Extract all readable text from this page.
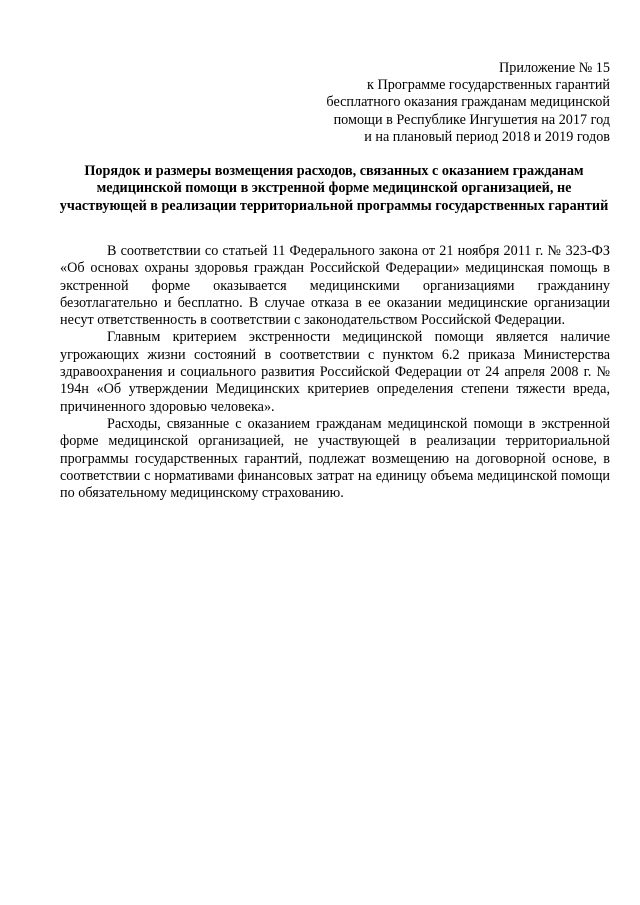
Приложение № 15
к Программе государственных гарантий
бесплатного оказания гражданам медицинской
помощи в Республике Ингушетия на 2017 год
и на плановый период 2018 и 2019 годов
Порядок и размеры возмещения расходов, связанных с оказанием гражданам медицинской помощи в экстренной форме медицинской организацией, не участвующей в реализации территориальной программы государственных гарантий

В соответствии со статьей 11 Федерального закона от 21 ноября 2011 г. № 323-ФЗ «Об основах охраны здоровья граждан Российской Федерации» медицинская помощь в экстренной форме оказывается медицинскими организациями гражданину безотлагательно и бесплатно. В случае отказа в ее оказании медицинские организации несут ответственность в соответствии с законодательством Российской Федерации.

Главным критерием экстренности медицинской помощи является наличие угрожающих жизни состояний в соответствии с пунктом 6.2 приказа Министерства здравоохранения и социального развития Российской Федерации от 24 апреля 2008 г. № 194н «Об утверждении Медицинских критериев определения степени тяжести вреда, причиненного здоровью человека».

Расходы, связанные с оказанием гражданам медицинской помощи в экстренной форме медицинской организацией, не участвующей в реализации территориальной программы государственных гарантий, подлежат возмещению на договорной основе, в соответствии с нормативами финансовых затрат на единицу объема медицинской помощи по обязательному медицинскому страхованию.
